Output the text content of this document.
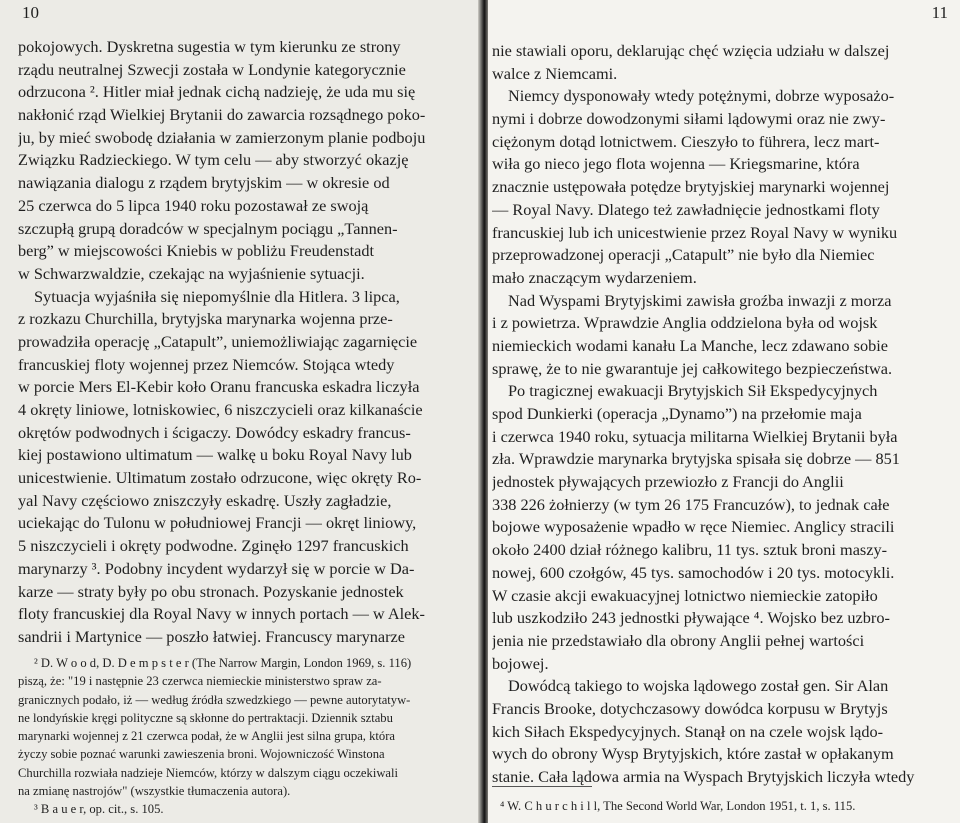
10
pokojowych. Dyskretna sugestia w tym kierunku ze strony
rządu neutralnej Szwecji została w Londynie kategorycznie
odrzucona ². Hitler miał jednak cichą nadzieję, że uda mu się
nakłonić rząd Wielkiej Brytanii do zawarcia rozsądnego poko-
ju, by mieć swobodę działania w zamierzonym planie podboju
Związku Radzieckiego. W tym celu — aby stworzyć okazję
nawiązania dialogu z rządem brytyjskim — w okresie od
25 czerwca do 5 lipca 1940 roku pozostawał ze swoją
szczupłą grupą doradców w specjalnym pociągu „Tannen-
berg” w miejscowości Kniebis w pobliżu Freudenstadt
w Schwarzwaldzie, czekając na wyjaśnienie sytuacji.
Sytuacja wyjaśniła się niepomyślnie dla Hitlera. 3 lipca,
z rozkazu Churchilla, brytyjska marynarka wojenna prze-
prowadziła operację „Catapult”, uniemożliwiając zagarnięcie
francuskiej floty wojennej przez Niemców. Stojąca wtedy
w porcie Mers El-Kebir koło Oranu francuska eskadra liczyła
4 okręty liniowe, lotniskowiec, 6 niszczycieli oraz kilkanaście
okrętów podwodnych i ścigaczy. Dowódcy eskadry francus-
kiej postawiono ultimatum — walkę u boku Royal Navy lub
unicestwienie. Ultimatum zostało odrzucone, więc okręty Ro-
yal Navy częściowo zniszczyły eskadrę. Uszły zagładzie,
uciekając do Tulonu w południowej Francji — okręt liniowy,
5 niszczycieli i okręty podwodne. Zginęło 1297 francuskich
marynarzy ³. Podobny incydent wydarzył się w porcie w Da-
karze — straty były po obu stronach. Pozyskanie jednostek
floty francuskiej dla Royal Navy w innych portach — w Alek-
sandrii i Martynice — poszło łatwiej. Francuscy marynarze
² D. W o o d, D. D e m p s t e r (The Narrow Margin, London 1969, s. 116)
piszą, że: "19 i następnie 23 czerwca niemieckie ministerstwo spraw za-
granicznych podało, iż — według źródła szwedzkiego — pewne autorytatyw-
ne londyńskie kręgi polityczne są skłonne do pertraktacji. Dziennik sztabu
marynarki wojennej z 21 czerwca podał, że w Anglii jest silna grupa, która
życzy sobie poznać warunki zawieszenia broni. Wojowniczość Winstona
Churchilla rozwiała nadzieje Niemców, którzy w dalszym ciągu oczekiwali
na zmianę nastrojów" (wszystkie tłumaczenia autora).
³ B a u e r, op. cit., s. 105.
11
nie stawiali oporu, deklarując chęć wzięcia udziału w dalszej
walce z Niemcami.
Niemcy dysponowały wtedy potężnymi, dobrze wyposażo-
nymi i dobrze dowodzonymi siłami lądowymi oraz nie zwy-
ciężonym dotąd lotnictwem. Cieszyło to führera, lecz mart-
wiła go nieco jego flota wojenna — Kriegsmarine, która
znacznie ustępowała potędze brytyjskiej marynarki wojennej
— Royal Navy. Dlatego też zawładnięcie jednostkami floty
francuskiej lub ich unicestwienie przez Royal Navy w wyniku
przeprowadzonej operacji „Catapult” nie było dla Niemiec
mało znaczącym wydarzeniem.
Nad Wyspami Brytyjskimi zawisła groźba inwazji z morza
i z powietrza. Wprawdzie Anglia oddzielona była od wojsk
niemieckich wodami kanału La Manche, lecz zdawano sobie
sprawę, że to nie gwarantuje jej całkowitego bezpieczeństwa.
Po tragicznej ewakuacji Brytyjskich Sił Ekspedycyjnych
spod Dunkierki (operacja „Dynamo”) na przełomie maja
i czerwca 1940 roku, sytuacja militarna Wielkiej Brytanii była
zła. Wprawdzie marynarka brytyjska spisała się dobrze — 851
jednostek pływających przewiozło z Francji do Anglii
338 226 żołnierzy (w tym 26 175 Francuzów), to jednak całe
bojowe wyposażenie wpadło w ręce Niemiec. Anglicy stracili
około 2400 dział różnego kalibru, 11 tys. sztuk broni maszy-
nowej, 600 czołgów, 45 tys. samochodów i 20 tys. motocykli.
W czasie akcji ewakuacyjnej lotnictwo niemieckie zatopiło
lub uszkodziło 243 jednostki pływające ⁴. Wojsko bez uzbro-
jenia nie przedstawiało dla obrony Anglii pełnej wartości
bojowej.
Dowódcą takiego to wojska lądowego został gen. Sir Alan
Francis Brooke, dotychczasowy dowódca korpusu w Brytyjs
kich Siłach Ekspedycyjnych. Stanął on na czele wojsk lądo-
wych do obrony Wysp Brytyjskich, które zastał w opłakanym
stanie. Cała lądowa armia na Wyspach Brytyjskich liczyła wtedy
⁴ W. C h u r c h i l l, The Second World War, London 1951, t. 1, s. 115.
